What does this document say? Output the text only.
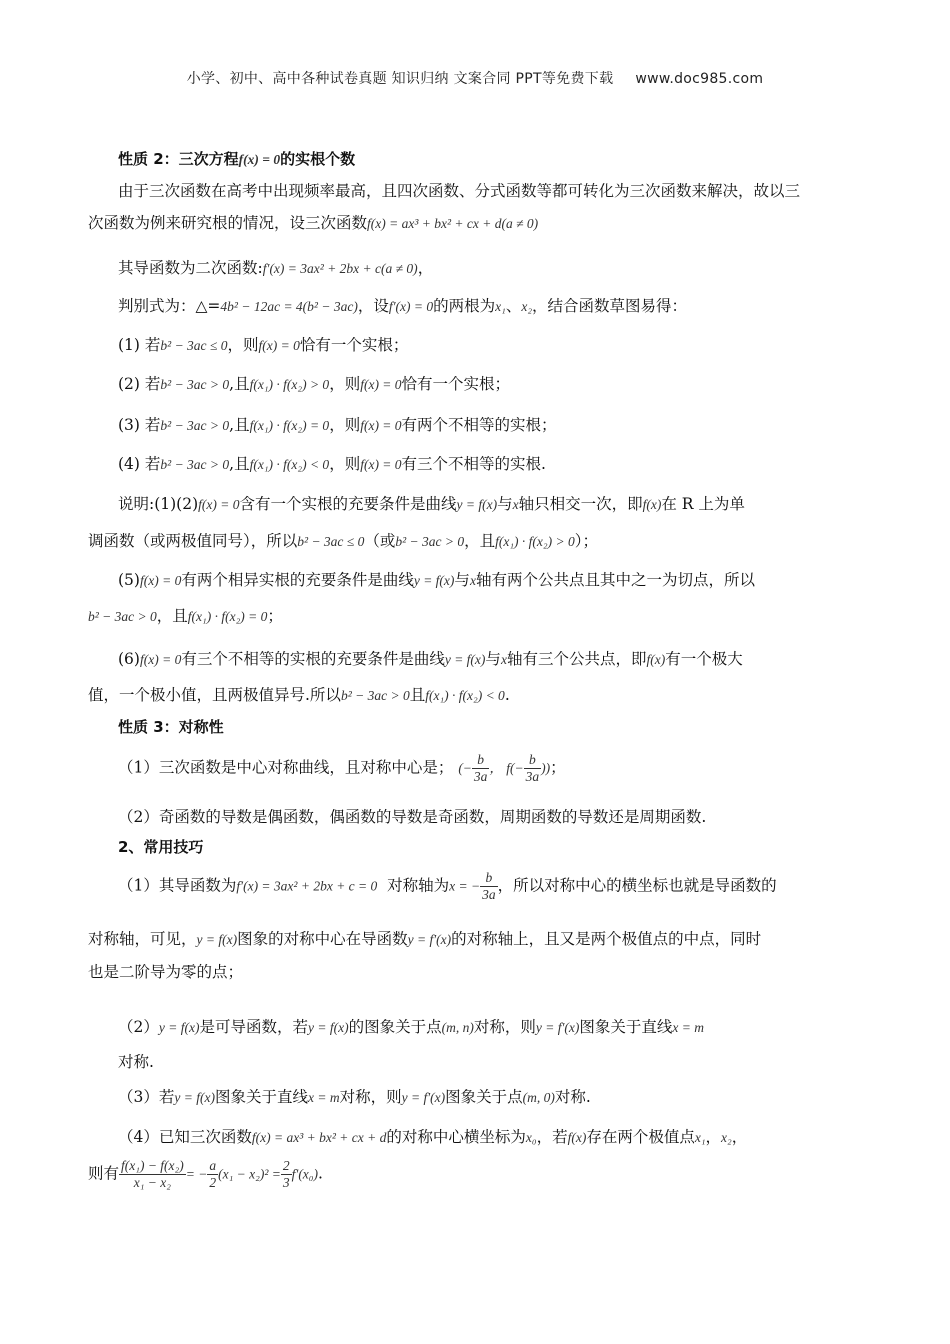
小学、初中、高中各种试卷真题 知识归纳 文案合同 PPT等免费下载 www.doc985.com
性质 2：三次方程f(x) = 0的实根个数
由于三次函数在高考中出现频率最高，且四次函数、分式函数等都可转化为三次函数来解决，故以三
次函数为例来研究根的情况，设三次函数f(x) = ax³ + bx² + cx + d(a ≠ 0)
其导函数为二次函数:f′(x) = 3ax² + 2bx + c(a ≠ 0)，
判别式为：△=4b² − 12ac = 4(b² − 3ac)，设f′(x) = 0的两根为x₁、x₂，结合函数草图易得：
(1) 若b² − 3ac ≤ 0，则f(x) = 0恰有一个实根；
(2) 若b² − 3ac > 0,且f(x₁) · f(x₂) > 0，则f(x) = 0恰有一个实根；
(3) 若b² − 3ac > 0,且f(x₁) · f(x₂) = 0，则f(x) = 0有两个不相等的实根；
(4) 若b² − 3ac > 0,且f(x₁) · f(x₂) < 0，则f(x) = 0有三个不相等的实根.
说明:(1)(2)f(x) = 0含有一个实根的充要条件是曲线y = f(x)与x轴只相交一次，即f(x)在 R 上为单
调函数（或两极值同号），所以b² − 3ac ≤ 0（或b² − 3ac > 0，且f(x₁) · f(x₂) > 0）；
(5)f(x) = 0有两个相异实根的充要条件是曲线y = f(x)与x轴有两个公共点且其中之一为切点，所以
b² − 3ac > 0，且f(x₁) · f(x₂) = 0；
(6)f(x) = 0有三个不相等的实根的充要条件是曲线y = f(x)与x轴有三个公共点，即f(x)有一个极大
值，一个极小值，且两极值异号.所以b² − 3ac > 0且f(x₁) · f(x₂) < 0.
性质 3：对称性
（1）三次函数是中心对称曲线，且对称中心是； (− $\frac{b}{3a}$ ， $f(- \frac{b}{3a}$ ))；
（2）奇函数的导数是偶函数，偶函数的导数是奇函数，周期函数的导数还是周期函数.
2、常用技巧
（1）其导函数为f′(x) = 3ax² + 2bx + c = 0 对称轴为x = − $\frac{b}{3a}$ ，所以对称中心的横坐标也就是导函数的
对称轴，可见，y = f(x)图象的对称中心在导函数y = f′(x)的对称轴上，且又是两个极值点的中点，同时
也是二阶导为零的点；
（2）y = f(x)是可导函数，若y = f(x)的图象关于点(m, n)对称，则y = f′(x)图象关于直线x = m
对称.
（3）若y = f(x)图象关于直线x = m对称，则y = f′(x)图象关于点(m, 0)对称.
（4）已知三次函数f(x) = ax³ + bx² + cx + d的对称中心横坐标为x₀，若f(x)存在两个极值点x₁，x₂，
则有 $\frac{\text{f(x₁) − f(x₂)}}{\text{x₁ − x₂}}$ = − $\frac{a}{2} (x_1 - x_2)^2 = \frac{2}{3} f'(x_0)$.
